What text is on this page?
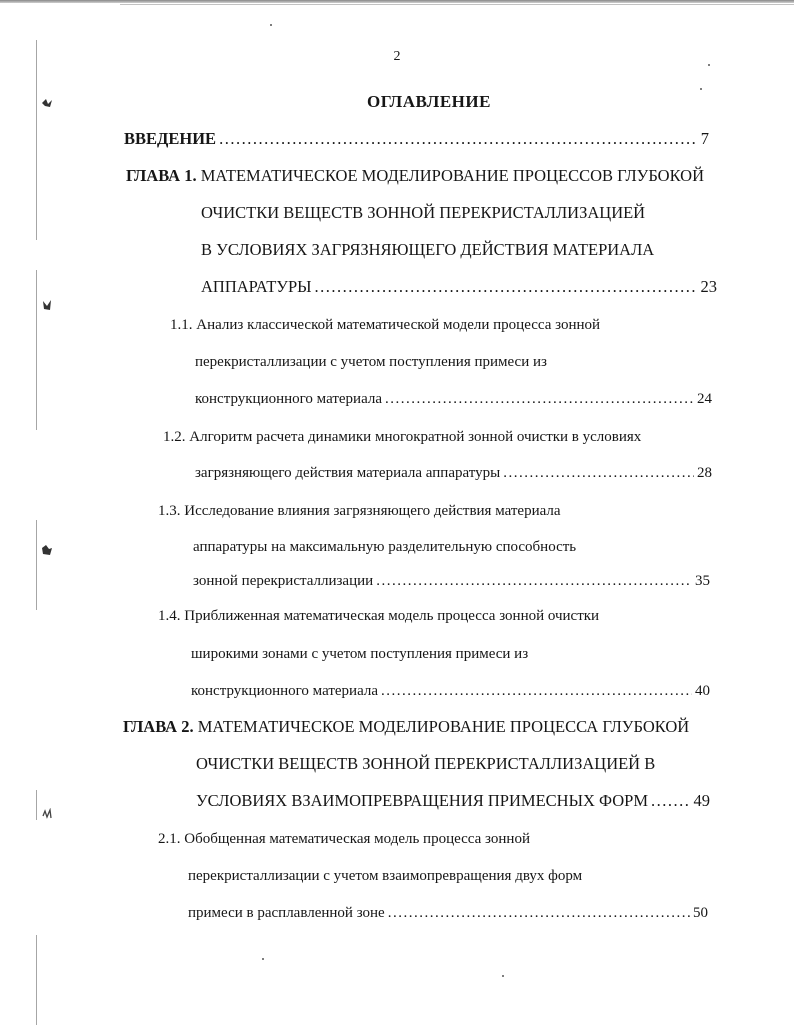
2
ОГЛАВЛЕНИЕ
ВВЕДЕНИЕ .....	7
ГЛАВА 1. МАТЕМАТИЧЕСКОЕ МОДЕЛИРОВАНИЕ ПРОЦЕССОВ ГЛУБОКОЙ
ОЧИСТКИ ВЕЩЕСТВ ЗОННОЙ ПЕРЕКРИСТАЛЛИЗАЦИЕЙ
В УСЛОВИЯХ ЗАГРЯЗНЯЮЩЕГО ДЕЙСТВИЯ МАТЕРИАЛА
АППАРАТУРЫ .....	23
1.1. Анализ классической математической модели процесса зонной
перекристаллизации с учетом поступления примеси из
конструкционного материала .....	24
1.2. Алгоритм расчета динамики многократной зонной очистки в условиях
загрязняющего действия материала аппаратуры .....	28
1.3. Исследование влияния загрязняющего действия материала
аппаратуры на максимальную разделительную способность
зонной перекристаллизации .....	35
1.4. Приближенная математическая модель процесса зонной очистки
широкими зонами с учетом поступления примеси из
конструкционного материала .....	40
ГЛАВА 2. МАТЕМАТИЧЕСКОЕ МОДЕЛИРОВАНИЕ ПРОЦЕССА ГЛУБОКОЙ
ОЧИСТКИ ВЕЩЕСТВ ЗОННОЙ ПЕРЕКРИСТАЛЛИЗАЦИЕЙ В
УСЛОВИЯХ ВЗАИМОПРЕВРАЩЕНИЯ ПРИМЕСНЫХ ФОРМ .....	49
2.1. Обобщенная математическая модель процесса зонной
перекристаллизации с учетом взаимопревращения двух форм
примеси в расплавленной зоне .....	50
